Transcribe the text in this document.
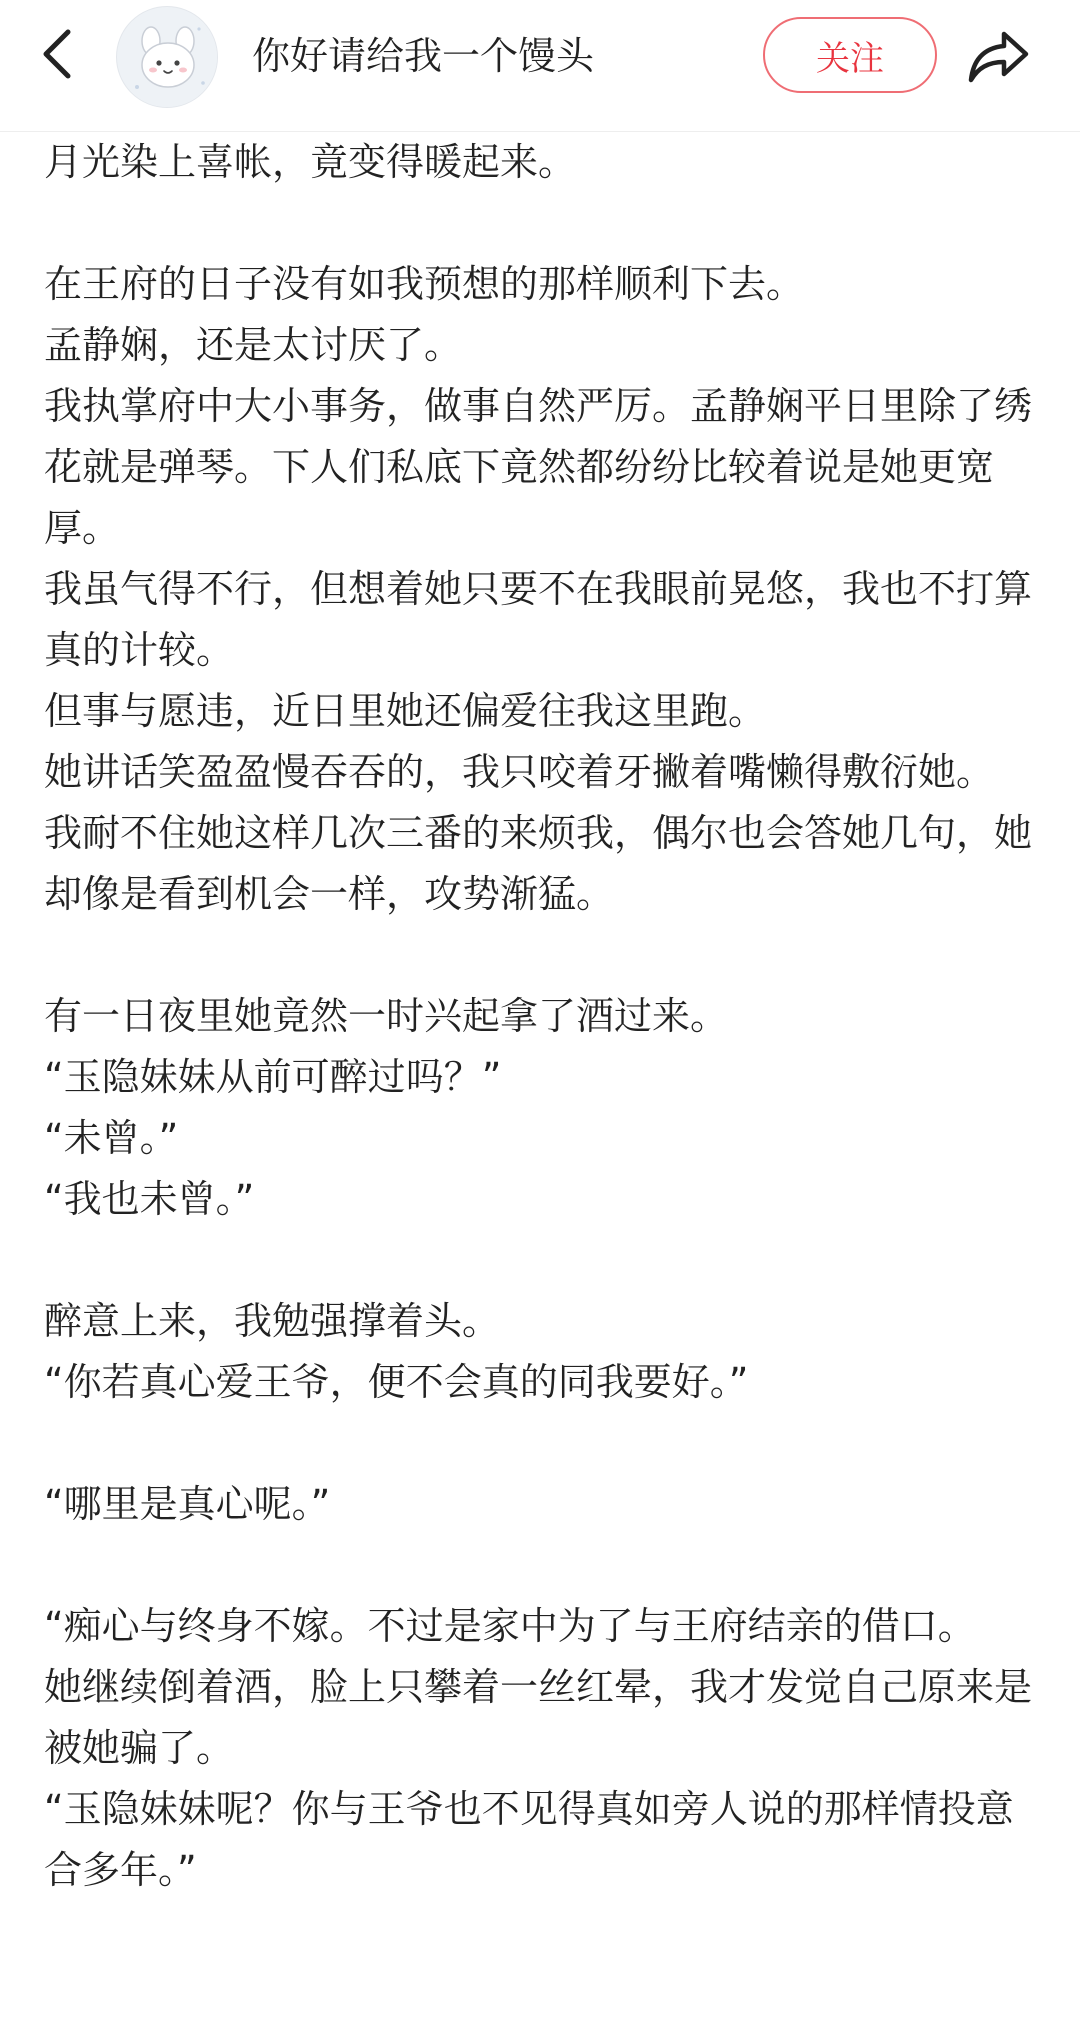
你好请给我一个馒头	关注

月光染上喜帐，竟变得暖起来。

在王府的日子没有如我预想的那样顺利下去。

孟静娴，还是太讨厌了。

我执掌府中大小事务，做事自然严厉。孟静娴平日里除了绣花就是弹琴。下人们私底下竟然都纷纷比较着说是她更宽厚。

我虽气得不行，但想着她只要不在我眼前晃悠，我也不打算真的计较。

但事与愿违，近日里她还偏爱往我这里跑。

她讲话笑盈盈慢吞吞的，我只咬着牙撇着嘴懒得敷衍她。

我耐不住她这样几次三番的来烦我，偶尔也会答她几句，她却像是看到机会一样，攻势渐猛。

有一日夜里她竟然一时兴起拿了酒过来。

“玉隐妹妹从前可醉过吗？”

“未曾。”

“我也未曾。”

醉意上来，我勉强撑着头。

“你若真心爱王爷，便不会真的同我要好。”

“哪里是真心呢。”

“痴心与终身不嫁。不过是家中为了与王府结亲的借口。

她继续倒着酒，脸上只攀着一丝红晕，我才发觉自己原来是被她骗了。

“玉隐妹妹呢？你与王爷也不见得真如旁人说的那样情投意合多年。”
